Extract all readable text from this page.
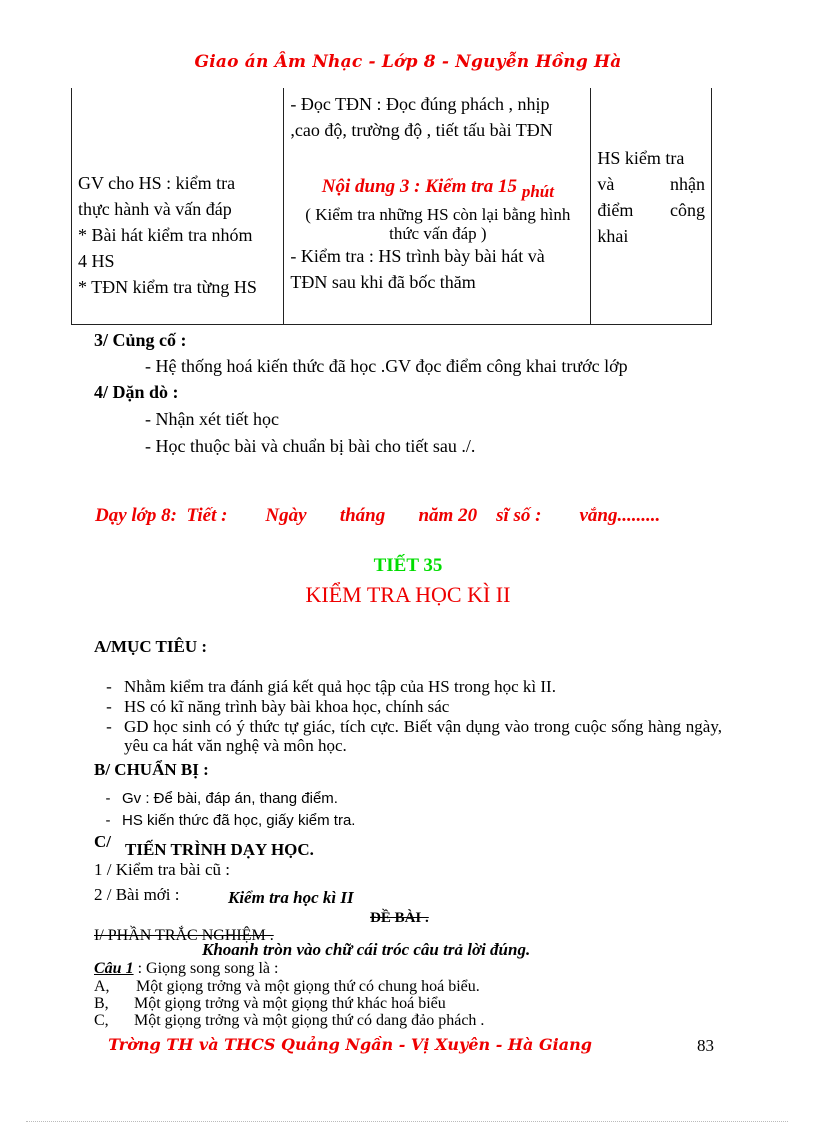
Giao án Âm Nhạc - Lớp 8 - Nguyễn Hồng Hà
GV cho HS : kiểm tra
thực hành và vấn đáp
* Bài hát kiểm tra nhóm
4 HS
* TĐN kiểm tra từng HS
- Đọc TĐN : Đọc đúng phách , nhịp
,cao độ, trường độ , tiết tấu bài TĐN
Nội dung 3 : Kiểm tra 15 phút
( Kiểm tra những HS còn lại bằng hình thức vấn đáp )
- Kiểm tra : HS trình bày bài hát và
TĐN sau khi đã bốc thăm
HS kiểm tra
và nhận
điểm công
khai
3/ Củng cố :
- Hệ thống hoá kiến thức đã học .GV đọc điểm công khai trước lớp
4/ Dặn dò :
- Nhận xét tiết học
- Học thuộc bài và chuẩn bị bài cho tiết sau ./.
Dạy lớp 8:  Tiết :        Ngày       tháng       năm 20    sĩ số :        vắng.........
TIẾT 35
KIỂM TRA HỌC KÌ II
A/MỤC TIÊU :
- Nhằm kiểm tra đánh giá kết quả học tập của HS trong học kì II.
- HS có kĩ năng trình bày bài khoa học, chính sác
- GD học sinh có ý thức tự giác, tích cực. Biết vận dụng vào trong cuộc sống hàng ngày, yêu ca hát văn nghệ và môn học.
B/ CHUẨN BỊ :
- Gv : Để bài, đáp án, thang điểm.
- HS kiến thức đã học, giấy kiểm tra.
C/ TIẾN TRÌNH DẠY HỌC.
1 / Kiểm tra bài cũ :
2 / Bài mới :	Kiểm tra học kì II
ĐỀ BÀI .
I/ PHẦN TRẮC NGHIỆM .
Khoanh tròn vào chữ cái tróc câu trả lời đúng.
Câu 1 : Giọng song song là :
A, Một giọng trởng và một giọng thứ có chung hoá biểu.
B, Một giọng trởng và một giọng thứ khác hoá biểu
C, Một giọng trởng và một giọng thứ có dang đảo phách .
Trờng TH và THCS Quảng Ngần - Vị Xuyên - Hà Giang	83
